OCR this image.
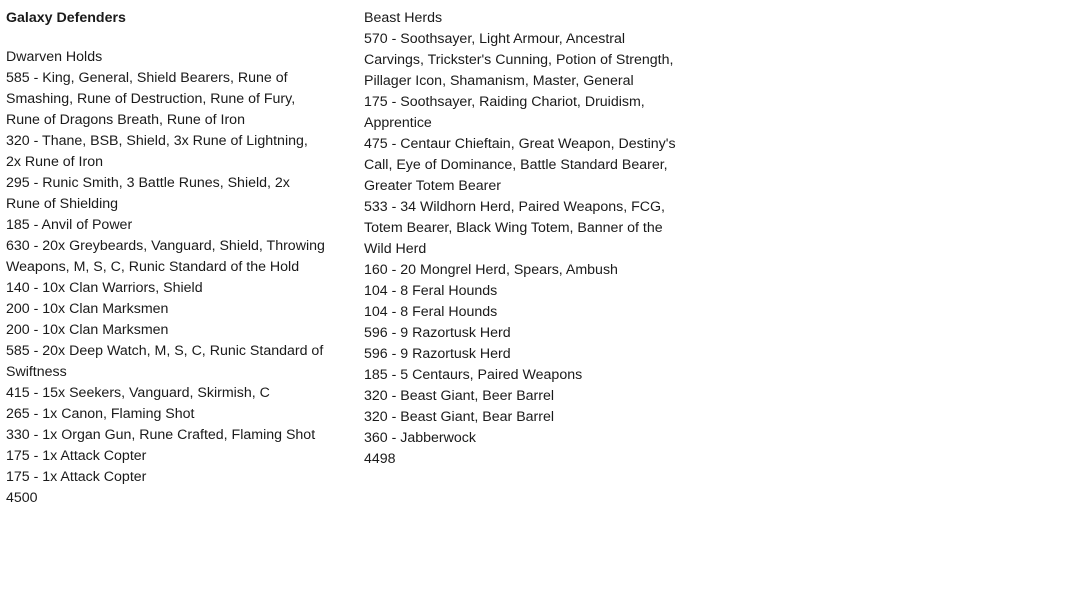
Galaxy Defenders

Dwarven Holds

585 - King, General, Shield Bearers, Rune of Smashing, Rune of Destruction, Rune of Fury, Rune of Dragons Breath, Rune of Iron

320 - Thane, BSB, Shield, 3x Rune of Lightning, 2x Rune of Iron

295 - Runic Smith, 3 Battle Runes, Shield, 2x Rune of Shielding

185 - Anvil of Power

630 - 20x Greybeards, Vanguard, Shield, Throwing Weapons, M, S, C, Runic Standard of the Hold

140 - 10x Clan Warriors, Shield

200 - 10x Clan Marksmen

200 - 10x Clan Marksmen

585 - 20x Deep Watch, M, S, C, Runic Standard of Swiftness

415 - 15x Seekers, Vanguard, Skirmish, C

265 - 1x Canon, Flaming Shot

330 - 1x Organ Gun, Rune Crafted, Flaming Shot

175 - 1x Attack Copter

175 - 1x Attack Copter

4500

Beast Herds

570 - Soothsayer, Light Armour, Ancestral Carvings, Trickster's Cunning, Potion of Strength, Pillager Icon, Shamanism, Master, General

175 - Soothsayer, Raiding Chariot, Druidism, Apprentice

475 - Centaur Chieftain, Great Weapon, Destiny's Call, Eye of Dominance, Battle Standard Bearer, Greater Totem Bearer

533 - 34 Wildhorn Herd, Paired Weapons, FCG, Totem Bearer, Black Wing Totem, Banner of the Wild Herd

160 - 20 Mongrel Herd, Spears, Ambush

104 - 8 Feral Hounds

104 - 8 Feral Hounds

596 - 9 Razortusk Herd

596 - 9 Razortusk Herd

185 - 5 Centaurs, Paired Weapons

320 - Beast Giant, Beer Barrel

320 - Beast Giant, Bear Barrel

360 - Jabberwock

4498
